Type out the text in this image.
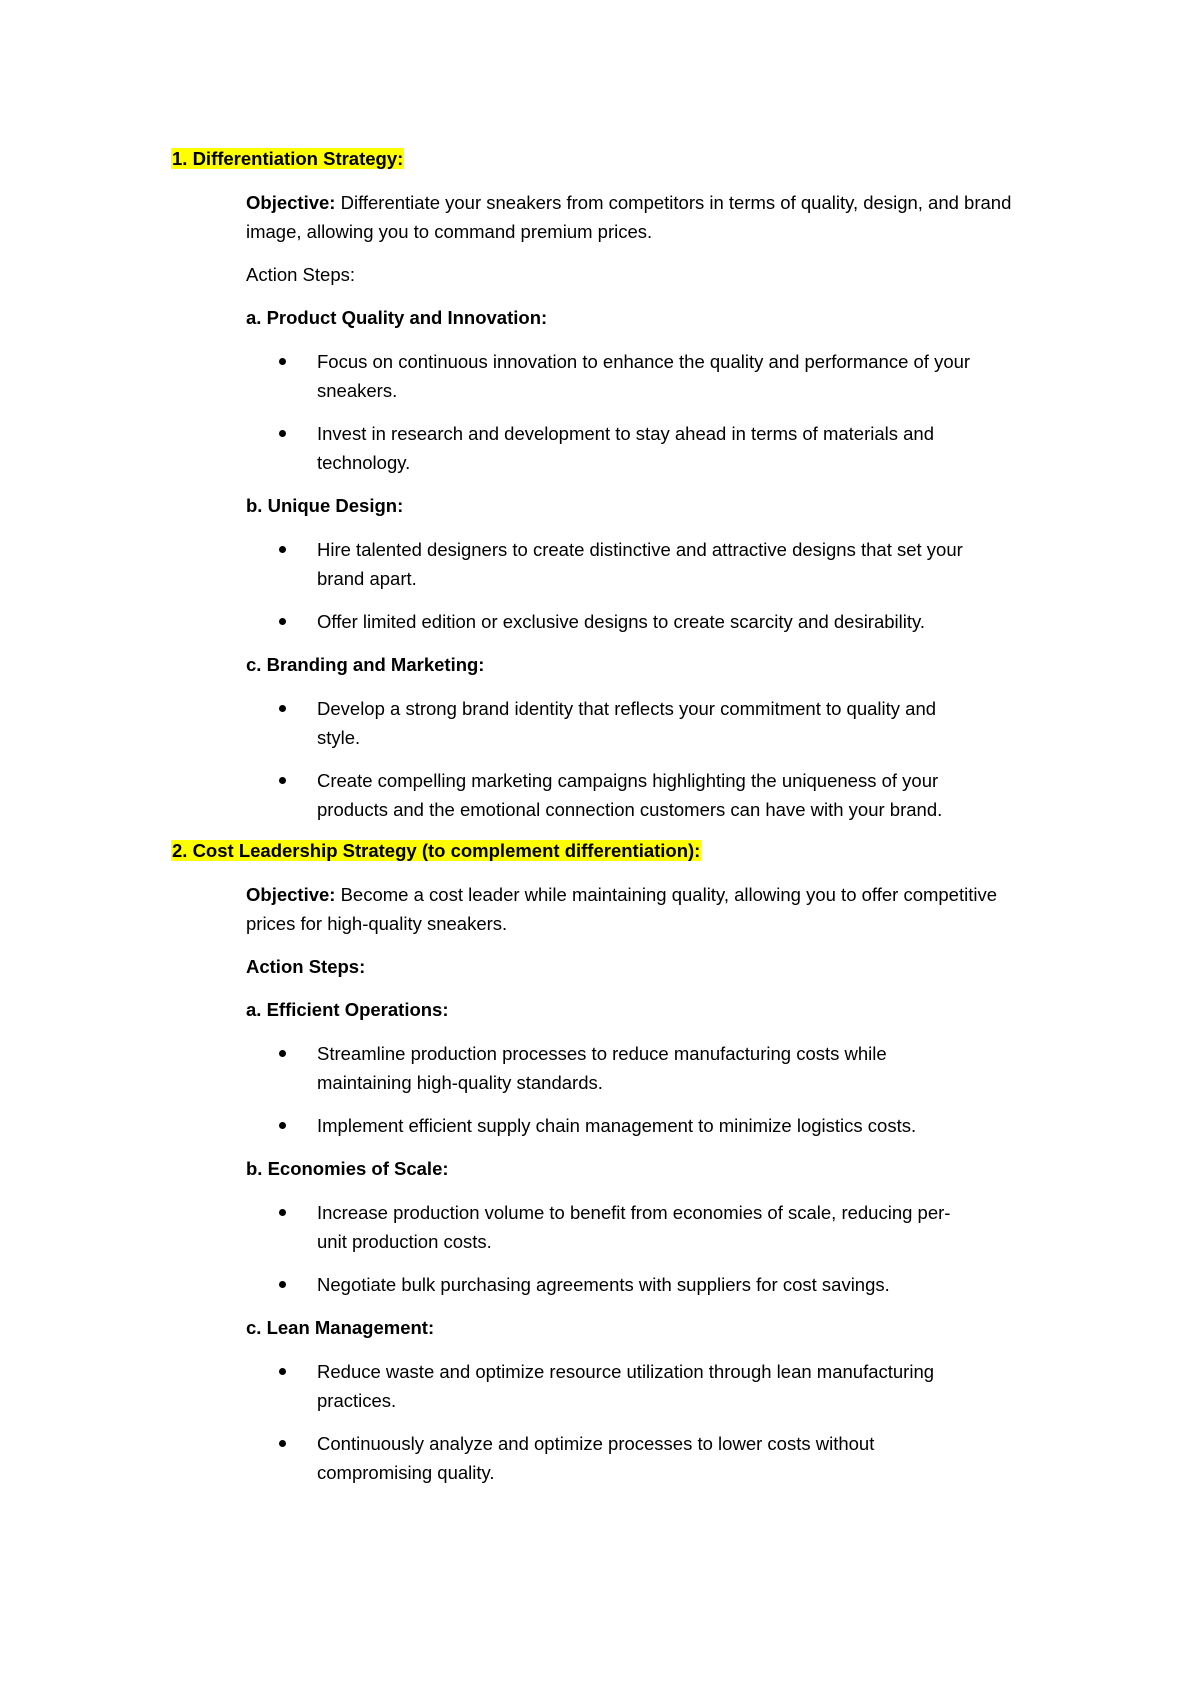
1. Differentiation Strategy:

Objective: Differentiate your sneakers from competitors in terms of quality, design, and brand image, allowing you to command premium prices.

Action Steps:

a. Product Quality and Innovation:
Focus on continuous innovation to enhance the quality and performance of your sneakers.
Invest in research and development to stay ahead in terms of materials and technology.
b. Unique Design:
Hire talented designers to create distinctive and attractive designs that set your brand apart.
Offer limited edition or exclusive designs to create scarcity and desirability.
c. Branding and Marketing:
Develop a strong brand identity that reflects your commitment to quality and style.
Create compelling marketing campaigns highlighting the uniqueness of your products and the emotional connection customers can have with your brand.
2. Cost Leadership Strategy (to complement differentiation):

Objective: Become a cost leader while maintaining quality, allowing you to offer competitive prices for high-quality sneakers.

Action Steps:

a. Efficient Operations:
Streamline production processes to reduce manufacturing costs while maintaining high-quality standards.
Implement efficient supply chain management to minimize logistics costs.
b. Economies of Scale:
Increase production volume to benefit from economies of scale, reducing per-unit production costs.
Negotiate bulk purchasing agreements with suppliers for cost savings.
c. Lean Management:
Reduce waste and optimize resource utilization through lean manufacturing practices.
Continuously analyze and optimize processes to lower costs without compromising quality.
